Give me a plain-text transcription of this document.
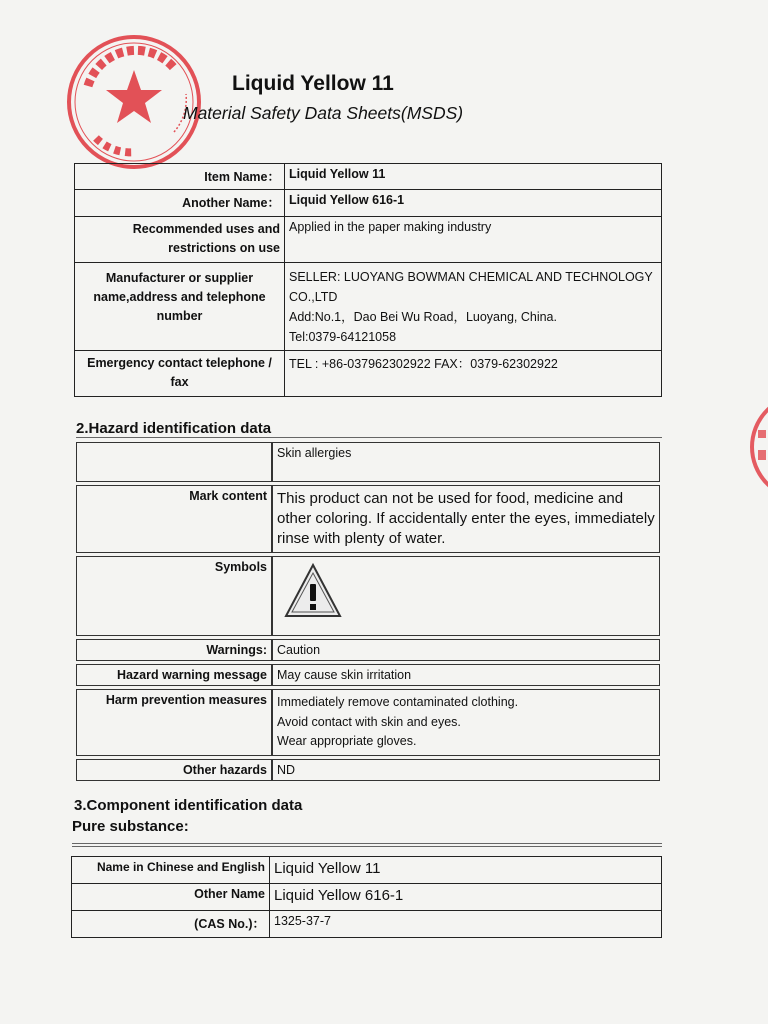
Liquid Yellow 11
Material Safety Data Sheets(MSDS)
Item Name：	Liquid Yellow 11
Another Name：	Liquid Yellow 616-1
Recommended uses and restrictions on use	Applied in the paper making industry
Manufacturer or supplier name,address and telephone number	SELLER: LUOYANG BOWMAN CHEMICAL AND TECHNOLOGY CO.,LTD
Add:No.1，Dao Bei Wu Road，Luoyang, China.
Tel:0379-64121058

Emergency contact telephone / fax	TEL : +86-037962302922 FAX：0379-62302922
2.Hazard identification data
	Skin allergies
Mark content	This product can not be used for food, medicine and other coloring. If accidentally enter the eyes, immediately rinse with plenty of water.
Symbols	

Warnings:	Caution
Hazard warning message	May cause skin irritation
Harm prevention measures	Immediately remove contaminated clothing.
Avoid contact with skin and eyes.
Wear appropriate gloves.

Other hazards	ND
3.Component identification data
Pure substance:
Name in Chinese and English	Liquid Yellow 11
Other Name	Liquid Yellow 616-1
(CAS No.)：	1325-37-7
